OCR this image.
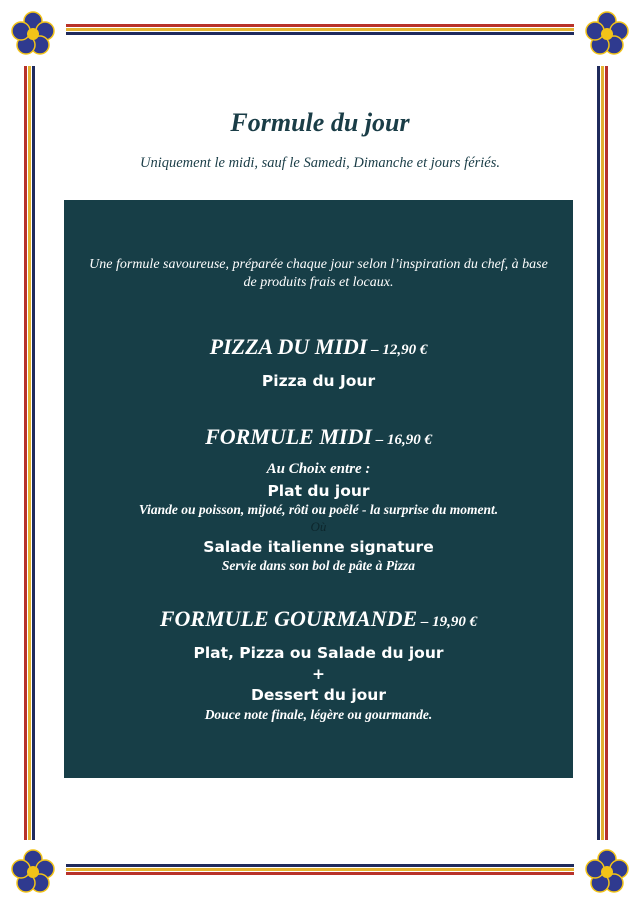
Formule du jour
Uniquement le midi, sauf le Samedi, Dimanche et jours fériés.
Une formule savoureuse, préparée chaque jour selon l’inspiration du chef, à base de produits frais et locaux.
PIZZA DU MIDI – 12,90 €
Pizza du Jour
FORMULE MIDI – 16,90 €
Au Choix entre :
Plat du jour
Viande ou poisson, mijoté, rôti ou poêlé - la surprise du moment.
Où
Salade italienne signature
Servie dans son bol de pâte à Pizza
FORMULE GOURMANDE – 19,90 €
Plat, Pizza ou Salade du jour
+
Dessert du jour
Douce note finale, légère ou gourmande.
